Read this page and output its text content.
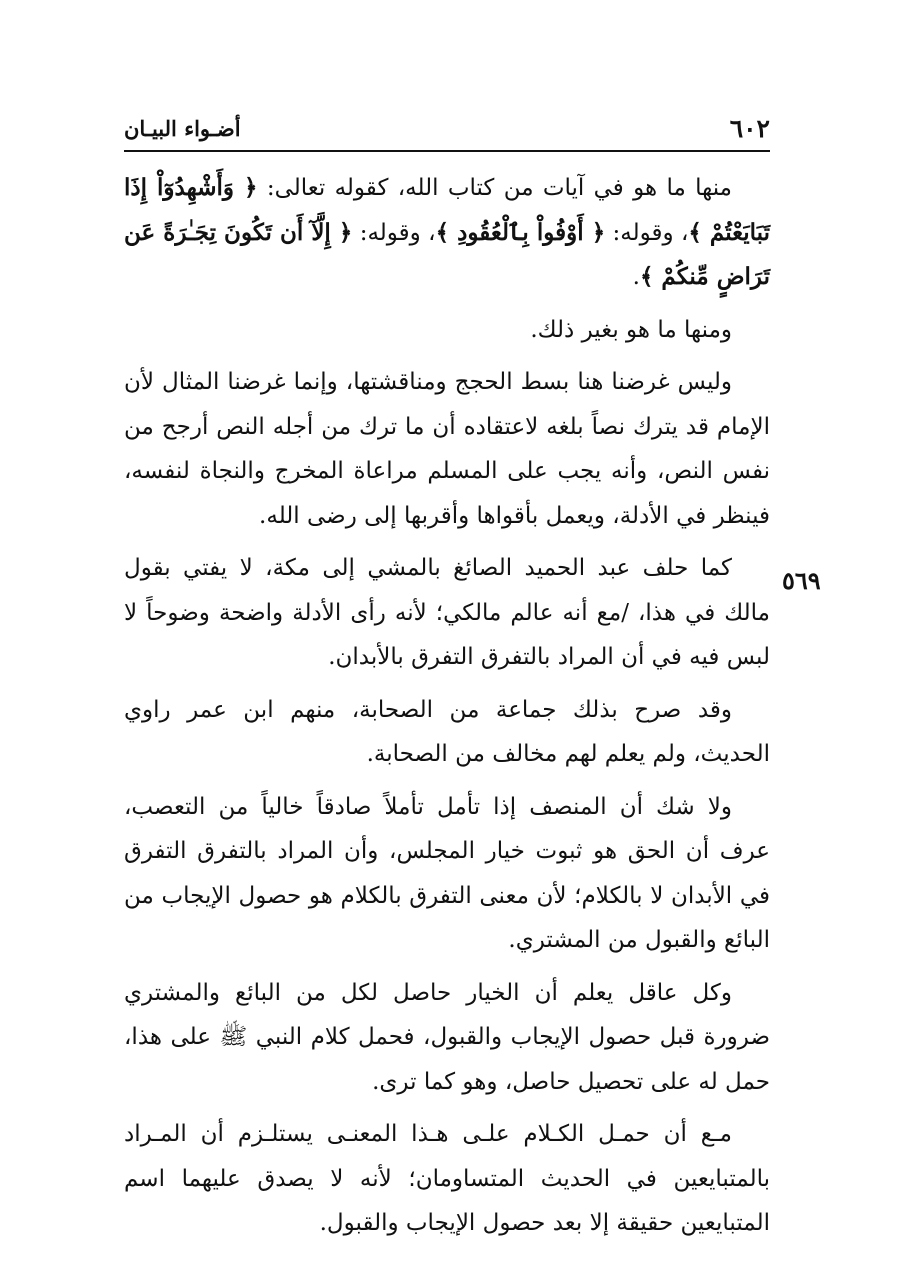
٦٠٢
أضـواء البيـان
٥٦٩

منها ما هو في آيات من كتاب الله، كقوله تعالى: ﴿ وَأَشْهِدُوٓاْ إِذَا تَبَايَعْتُمْ ﴾، وقوله: ﴿ أَوْفُواْ بِٱلْعُقُودِ ﴾، وقوله: ﴿ إِلَّآ أَن تَكُونَ تِجَـٰرَةً عَن تَرَاضٍ مِّنكُمْ ﴾.

ومنها ما هو بغير ذلك.

وليس غرضنا هنا بسط الحجج ومناقشتها، وإنما غرضنا المثال لأن الإمام قد يترك نصاً بلغه لاعتقاده أن ما ترك من أجله النص أرجح من نفس النص، وأنه يجب على المسلم مراعاة المخرج والنجاة لنفسه، فينظر في الأدلة، ويعمل بأقواها وأقربها إلى رضى الله.

كما حلف عبد الحميد الصائغ بالمشي إلى مكة، لا يفتي بقول مالك في هذا، /مع أنه عالم مالكي؛ لأنه رأى الأدلة واضحة وضوحاً لا لبس فيه في أن المراد بالتفرق التفرق بالأبدان.

وقد صرح بذلك جماعة من الصحابة، منهم ابن عمر راوي الحديث، ولم يعلم لهم مخالف من الصحابة.

ولا شك أن المنصف إذا تأمل تأملاً صادقاً خالياً من التعصب، عرف أن الحق هو ثبوت خيار المجلس، وأن المراد بالتفرق التفرق في الأبدان لا بالكلام؛ لأن معنى التفرق بالكلام هو حصول الإيجاب من البائع والقبول من المشتري.

وكل عاقل يعلم أن الخيار حاصل لكل من البائع والمشتري ضرورة قبل حصول الإيجاب والقبول، فحمل كلام النبي ﷺ على هذا، حمل له على تحصيل حاصل، وهو كما ترى.

مـع أن حمـل الكـلام علـى هـذا المعنـى يستلـزم أن المـراد بالمتبايعين في الحديث المتساومان؛ لأنه لا يصدق عليهما اسم المتبايعين حقيقة إلا بعد حصول الإيجاب والقبول.
